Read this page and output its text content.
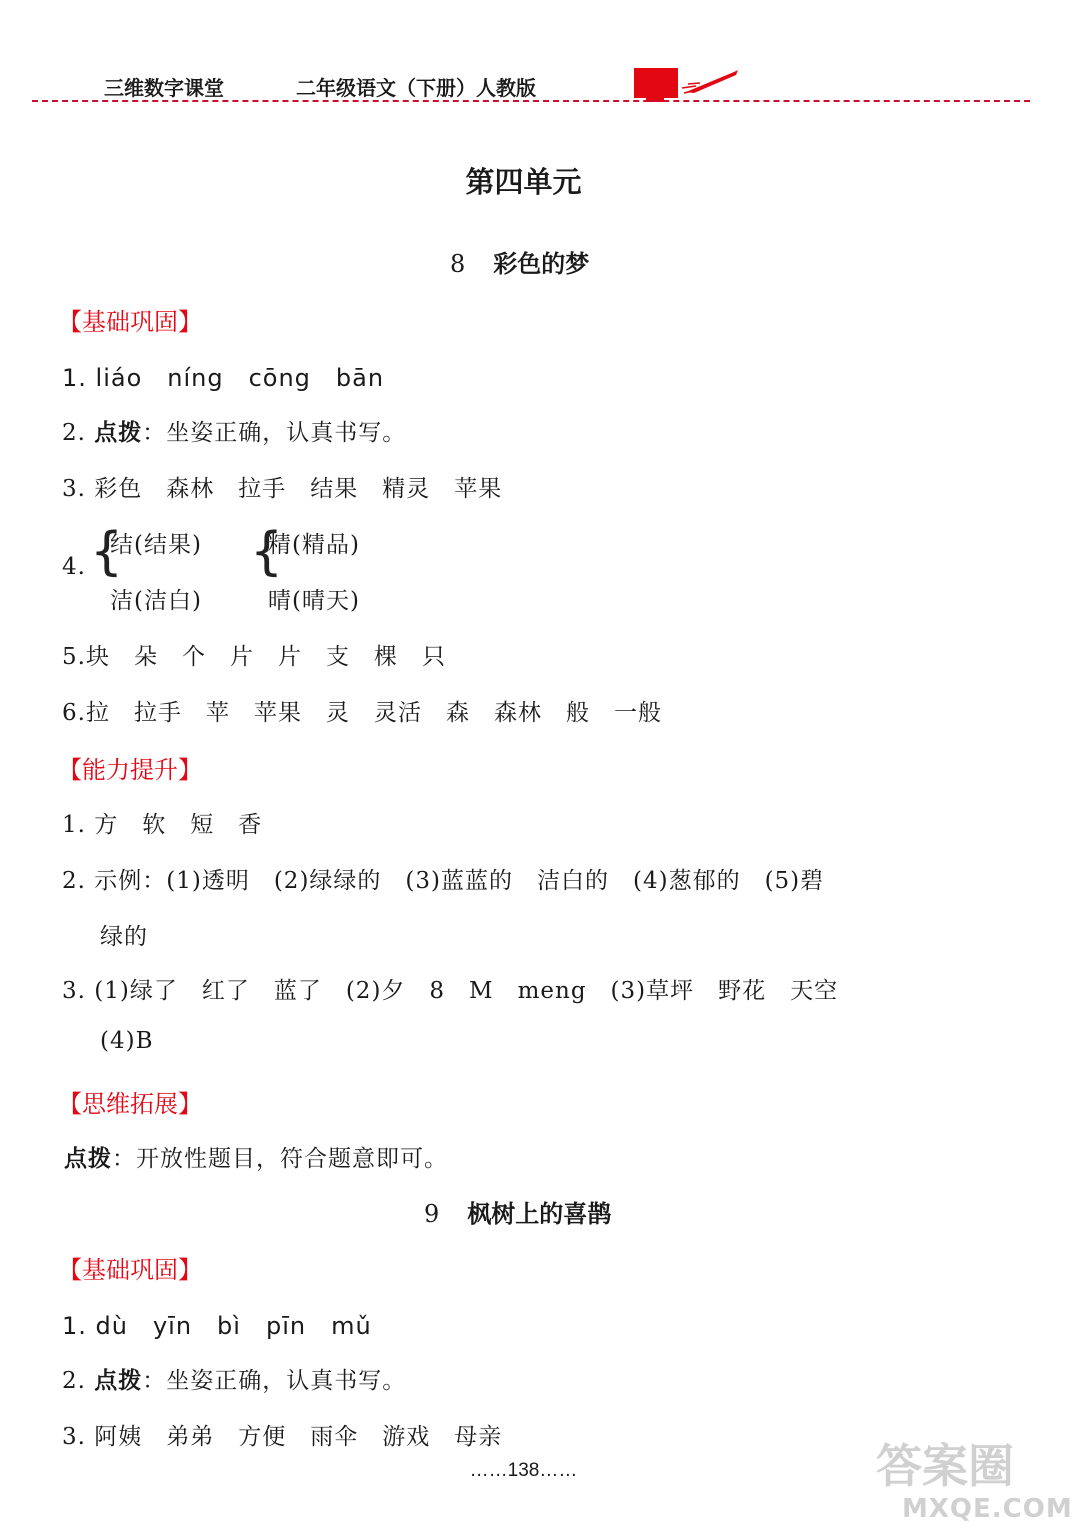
三维数字课堂	二年级语文（下册）人教版
第四单元
8 彩色的梦
【基础巩固】
1. liáo　níng　cōng　bān
2. 点拨：坐姿正确，认真书写。
3. 彩色　森林　拉手　结果　精灵　苹果
4. {
结(结果)
洁(洁白)
{
精(精品)
晴(晴天)
5.块　朵　个　片　片　支　棵　只
6.拉　拉手　苹　苹果　灵　灵活　森　森林　般　一般
【能力提升】
1. 方　软　短　香
2. 示例：(1)透明　(2)绿绿的　(3)蓝蓝的　洁白的　(4)葱郁的　(5)碧
绿的
3. (1)绿了　红了　蓝了　(2)夕　8　M　meng　(3)草坪　野花　天空
(4)B
【思维拓展】
点拨：开放性题目，符合题意即可。
9 枫树上的喜鹊
【基础巩固】
1. dù　yīn　bì　pīn　mǔ
2. 点拨：坐姿正确，认真书写。
3. 阿姨　弟弟　方便　雨伞　游戏　母亲
……138……	答案圈
MXQE.COM
